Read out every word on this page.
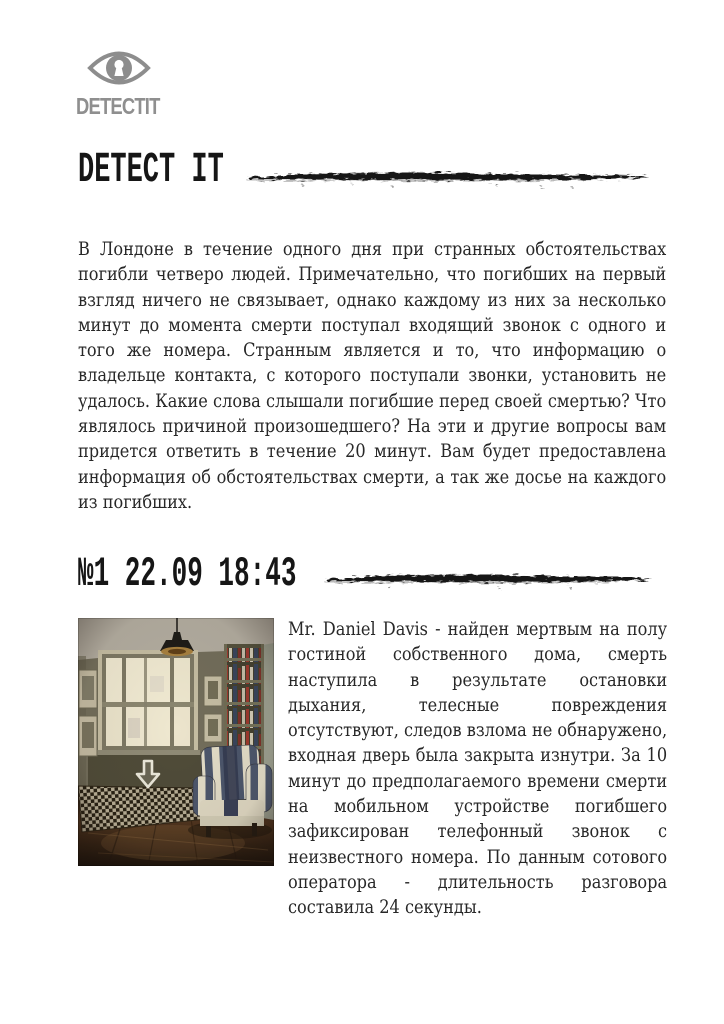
DETECTIT
DETECT IT
В Лондоне в течение одного дня при странных обстоятельствах погибли четверо людей. Примечательно, что погибших на первый взгляд ничего не связывает, однако каждому из них за несколько минут до момента смерти поступал входящий звонок с одного и того же номера. Странным является и то, что информацию о владельце контакта, с которого поступали звонки, установить не удалось. Какие слова слышали погибшие перед своей смертью? Что являлось причиной произошедшего? На эти и другие вопросы вам придется ответить в течение 20 минут. Вам будет предоставлена информация об обстоятельствах смерти, а так же досье на каждого из погибших.
№1 22.09 18:43
Mr. Daniel Davis - найден мертвым на полу гостиной собственного дома, смерть наступила в результате остановки дыхания, телесные повреждения отсутствуют, следов взлома не обнаружено, входная дверь была закрыта изнутри. За 10 минут до предполагаемого времени смерти на мобильном устройстве погибшего зафиксирован телефонный звонок с неизвестного номера. По данным сотового оператора - длительность разговора составила 24 секунды.
